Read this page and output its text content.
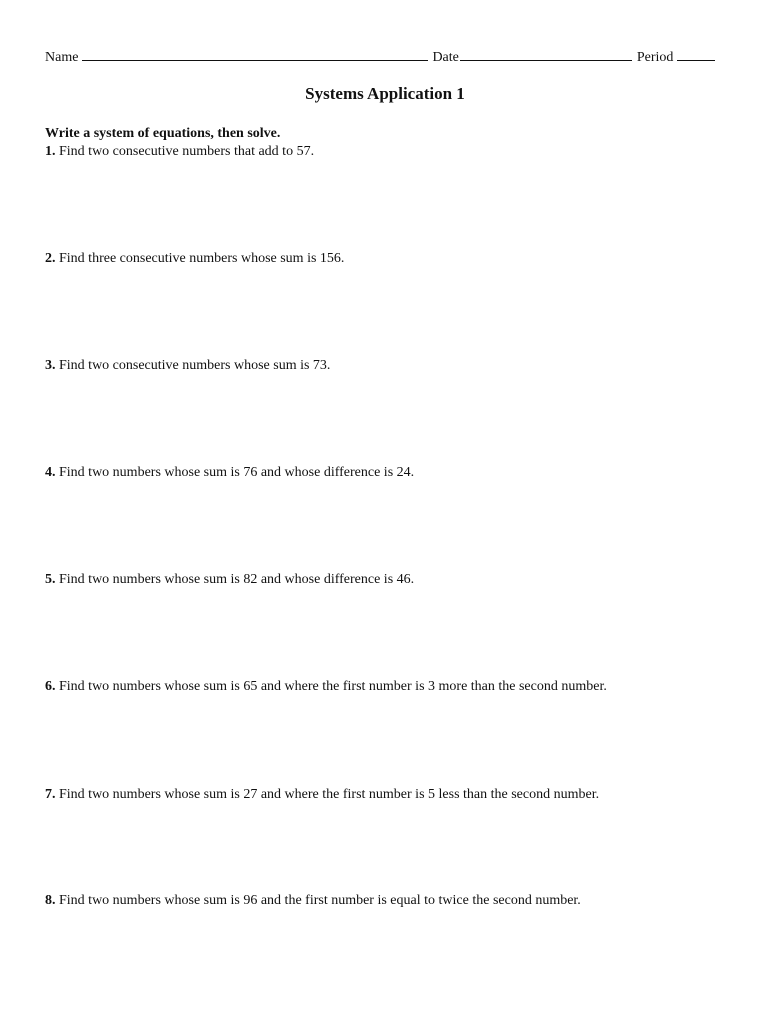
Name	Date	Period
Systems Application 1
Write a system of equations, then solve.
1. Find two consecutive numbers that add to 57.
2. Find three consecutive numbers whose sum is 156.
3. Find two consecutive numbers whose sum is 73.
4. Find two numbers whose sum is 76 and whose difference is 24.
5. Find two numbers whose sum is 82 and whose difference is 46.
6. Find two numbers whose sum is 65 and where the first number is 3 more than the second number.
7. Find two numbers whose sum is 27 and where the first number is 5 less than the second number.
8. Find two numbers whose sum is 96 and the first number is equal to twice the second number.
